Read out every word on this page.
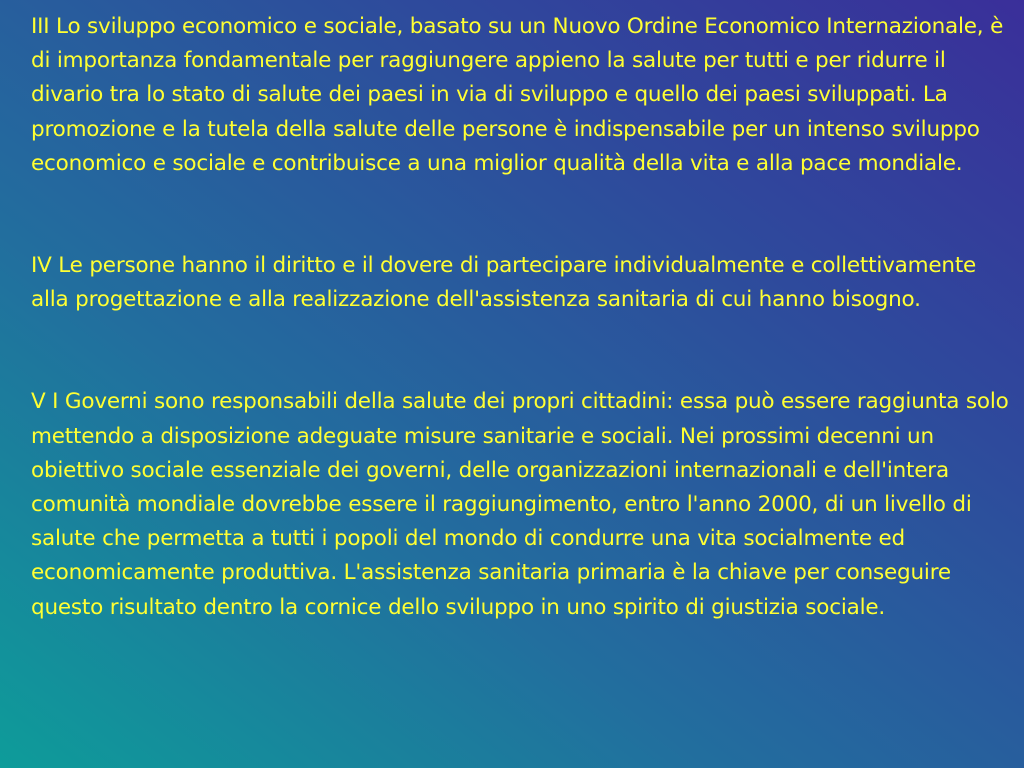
III Lo sviluppo economico e sociale, basato su un Nuovo Ordine Economico Internazionale, è di importanza fondamentale per raggiungere appieno la salute per tutti e per ridurre il divario tra lo stato di salute dei paesi in via di sviluppo e quello dei paesi sviluppati. La promozione e la tutela della salute delle persone è indispensabile per un intenso sviluppo economico e sociale e contribuisce a una miglior qualità della vita e alla pace mondiale.

IV Le persone hanno il diritto e il dovere di partecipare individualmente e collettivamente alla progettazione e alla realizzazione dell'assistenza sanitaria di cui hanno bisogno.

V I Governi sono responsabili della salute dei propri cittadini: essa può essere raggiunta solo mettendo a disposizione adeguate misure sanitarie e sociali. Nei prossimi decenni un obiettivo sociale essenziale dei governi, delle organizzazioni internazionali e dell'intera comunità mondiale dovrebbe essere il raggiungimento, entro l'anno 2000, di un livello di salute che permetta a tutti i popoli del mondo di condurre una vita socialmente ed economicamente produttiva. L'assistenza sanitaria primaria è la chiave per conseguire questo risultato dentro la cornice dello sviluppo in uno spirito di giustizia sociale.
